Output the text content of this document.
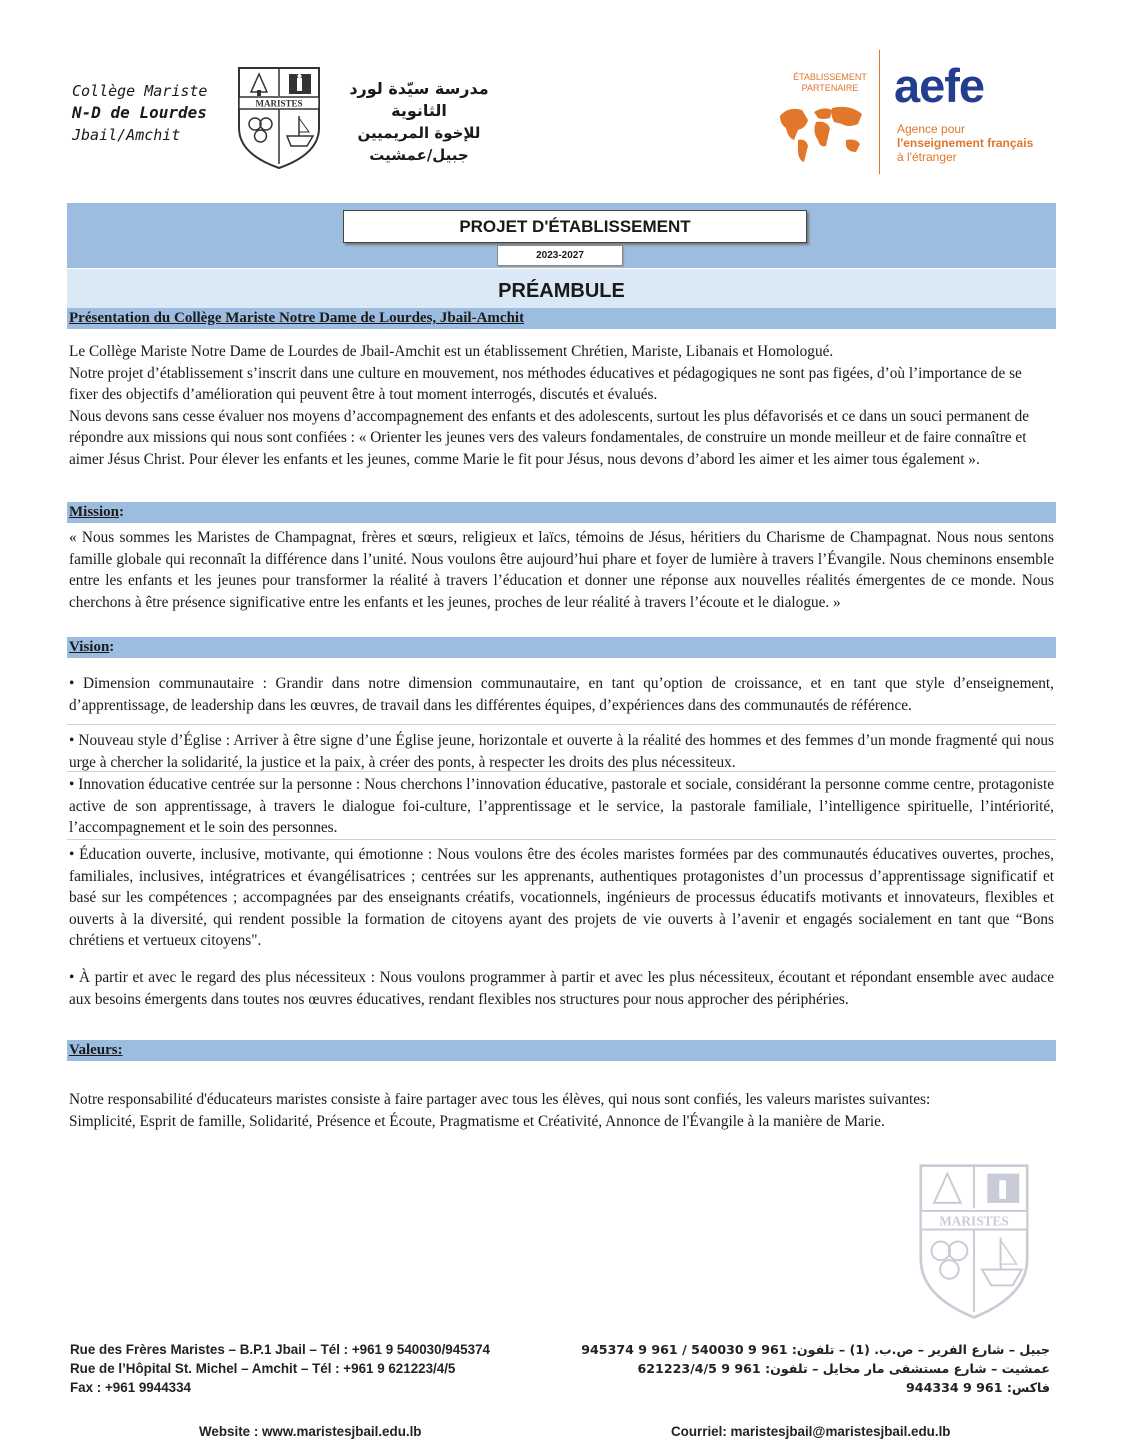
Collège Mariste
N-D de Lourdes
Jbail/Amchit
MARISTES
مدرسة سيّدة لورد الثانوية
للإخوة المريميين
جبيل/عمشيت
ÉTABLISSEMENT
PARTENAIRE aefe
Agence pour
l'enseignement français
à l'étranger
PROJET D'ÉTABLISSEMENT
2023-2027
PRÉAMBULE
Présentation du Collège Mariste Notre Dame de Lourdes, Jbail-Amchit
Le Collège Mariste Notre Dame de Lourdes de Jbail-Amchit est un établissement Chrétien, Mariste, Libanais et Homologué.
Notre projet d’établissement s’inscrit dans une culture en mouvement, nos méthodes éducatives et pédagogiques ne sont pas figées, d’où l’importance de se fixer des objectifs d’amélioration qui peuvent être à tout moment interrogés, discutés et évalués.
Nous devons sans cesse évaluer nos moyens d’accompagnement des enfants et des adolescents, surtout les plus défavorisés et ce dans un souci permanent de répondre aux missions qui nous sont confiées : « Orienter les jeunes vers des valeurs fondamentales, de construire un monde meilleur et de faire connaître et aimer Jésus Christ. Pour élever les enfants et les jeunes, comme Marie le fit pour Jésus, nous devons d’abord les aimer et les aimer tous également ».
Mission:
« Nous sommes les Maristes de Champagnat, frères et sœurs, religieux et laïcs, témoins de Jésus, héritiers du Charisme de Champagnat. Nous nous sentons famille globale qui reconnaît la différence dans l’unité. Nous voulons être aujourd’hui phare et foyer de lumière à travers l’Évangile. Nous cheminons ensemble entre les enfants et les jeunes pour transformer la réalité à travers l’éducation et donner une réponse aux nouvelles réalités émergentes de ce monde. Nous cherchons à être présence significative entre les enfants et les jeunes, proches de leur réalité à travers l’écoute et le dialogue. »
Vision:
• Dimension communautaire : Grandir dans notre dimension communautaire, en tant qu’option de croissance, et en tant que style d’enseignement, d’apprentissage, de leadership dans les œuvres, de travail dans les différentes équipes, d’expériences dans des communautés de référence.
• Nouveau style d’Église : Arriver à être signe d’une Église jeune, horizontale et ouverte à la réalité des hommes et des femmes d’un monde fragmenté qui nous urge à chercher la solidarité, la justice et la paix, à créer des ponts, à respecter les droits des plus nécessiteux.
• Innovation éducative centrée sur la personne : Nous cherchons l’innovation éducative, pastorale et sociale, considérant la personne comme centre, protagoniste active de son apprentissage, à travers le dialogue foi-culture, l’apprentissage et le service, la pastorale familiale, l’intelligence spirituelle, l’intériorité, l’accompagnement et le soin des personnes.
• Éducation ouverte, inclusive, motivante, qui émotionne : Nous voulons être des écoles maristes formées par des communautés éducatives ouvertes, proches, familiales, inclusives, intégratrices et évangélisatrices ; centrées sur les apprenants, authentiques protagonistes d’un processus d’apprentissage significatif et basé sur les compétences ; accompagnées par des enseignants créatifs, vocationnels, ingénieurs de processus éducatifs motivants et innovateurs, flexibles et ouverts à la diversité, qui rendent possible la formation de citoyens ayant des projets de vie ouverts à l’avenir et engagés socialement en tant que “Bons chrétiens et vertueux citoyens".
• À partir et avec le regard des plus nécessiteux : Nous voulons programmer à partir et avec les plus nécessiteux, écoutant et répondant ensemble avec audace aux besoins émergents dans toutes nos œuvres éducatives, rendant flexibles nos structures pour nous approcher des périphéries.
Valeurs:
Notre responsabilité d'éducateurs maristes consiste à faire partager avec tous les élèves, qui nous sont confiés, les valeurs maristes suivantes:
Simplicité, Esprit de famille, Solidarité, Présence et Écoute, Pragmatisme et Créativité, Annonce de l'Évangile à la manière de Marie.
MARISTES
Rue des Frères Maristes – B.P.1 Jbail – Tél : +961 9 540030/945374
Rue de l’Hôpital St. Michel – Amchit – Tél : +961 9 621223/4/5
Fax : +961 9944334
جبيل – شارع الفرير – ص.ب. (1) – تلفون: 961 9 540030 / 961 9 945374
عمشيت – شارع مستشفى مار مخايل – تلفون: 961 9 621223/4/5
فاكس: 961 9 944334
Website : www.maristesjbail.edu.lb	Courriel: maristesjbail@maristesjbail.edu.lb
